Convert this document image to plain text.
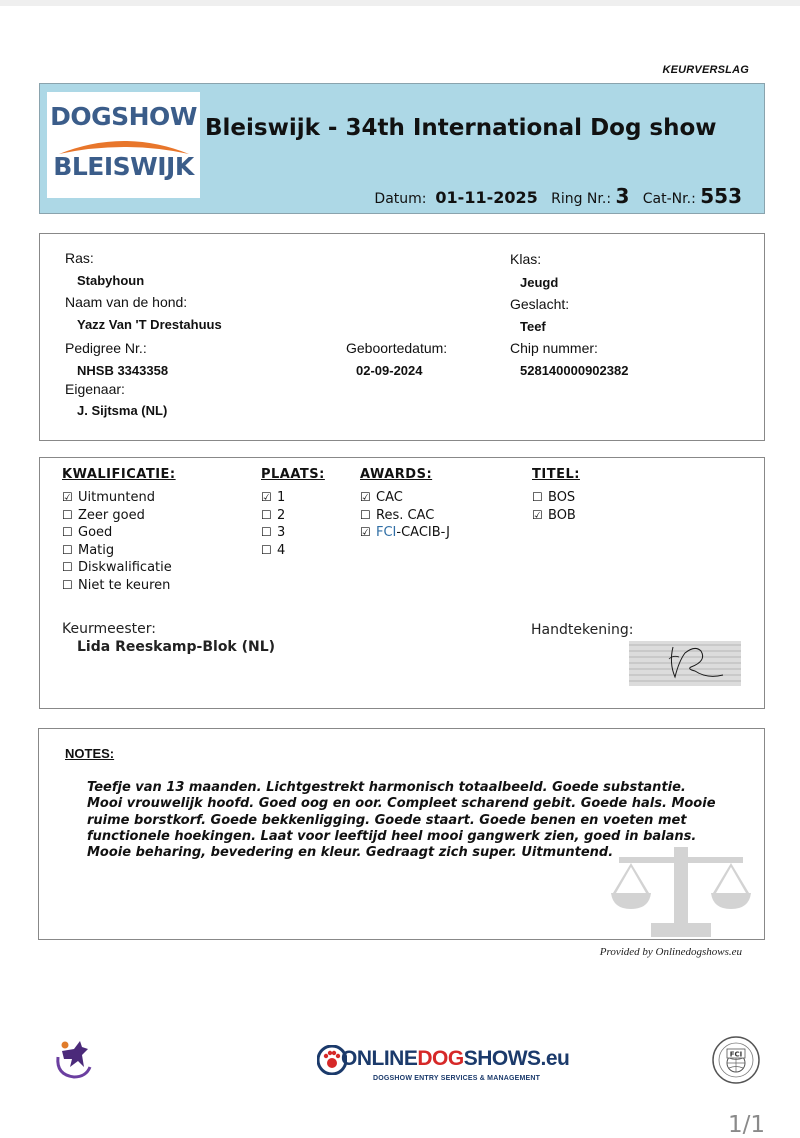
KEURVERSLAG
DOGSHOW
BLEISWIJK
Bleiswijk - 34th International Dog show
Datum: 01-11-2025 Ring Nr.: 3 Cat-Nr.: 553
Ras:
Stabyhoun
Naam van de hond:
Yazz Van 'T Drestahuus
Pedigree Nr.:
NHSB 3343358
Eigenaar:
J. Sijtsma (NL)
Geboortedatum:
02-09-2024
Klas:
Jeugd
Geslacht:
Teef
Chip nummer:
528140000902382
KWALIFICATIE:
☑ Uitmuntend
☐ Zeer goed
☐ Goed
☐ Matig
☐ Diskwalificatie
☐ Niet te keuren
PLAATS:
☑ 1
☐ 2
☐ 3
☐ 4
AWARDS:
☑ CAC
☐ Res. CAC
☑ FCI-CACIB-J
TITEL:
☐ BOS
☑ BOB
Keurmeester:
Lida Reeskamp-Blok (NL)
Handtekening:
NOTES:
Teefje van 13 maanden. Lichtgestrekt harmonisch totaalbeeld. Goede substantie.
Mooi vrouwelijk hoofd. Goed oog en oor. Compleet scharend gebit. Goede hals. Mooie
ruime borstkorf. Goede bekkenligging. Goede staart. Goede benen en voeten met
functionele hoekingen. Laat voor leeftijd heel mooi gangwerk zien, goed in balans.
Mooie beharing, bevedering en kleur. Gedraagt zich super. Uitmuntend.
Provided by Onlinedogshows.eu
ONLINEDOGSHOWS.eu
DOGSHOW ENTRY SERVICES & MANAGEMENT
FCI
1/1
